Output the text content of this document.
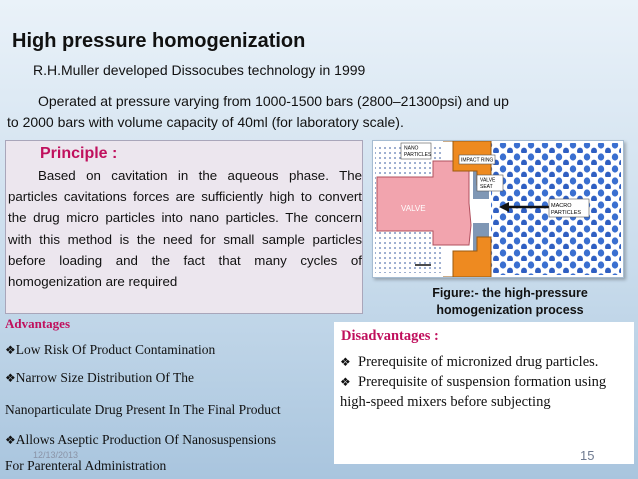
High pressure homogenization
R.H.Muller developed Dissocubes technology in 1999
Operated at pressure varying from 1000-1500 bars (2800–21300psi) and up
to 2000 bars with volume capacity of 40ml (for laboratory scale).
Principle :
Based on cavitation in the aqueous phase. The particles cavitations forces are sufficiently high to convert the drug micro particles into nano particles. The concern with this method is the need for small sample particles before loading and the fact that many cycles of homogenization are required
NANO
PARTICLES
IMPACT RING
VALVE
SEAT
VALVE	MACRO
PARTICLES
Figure:- the high-pressure homogenization process
Advantages
❖Low Risk Of Product Contamination
❖Narrow Size Distribution Of The
Nanoparticulate Drug Present In The Final Product
❖Allows Aseptic Production Of Nanosuspensions
For Parenteral Administration
Disadvantages :
❖ Prerequisite of micronized drug particles.
❖ Prerequisite of suspension formation using high-speed mixers before subjecting
12/13/2013	15
